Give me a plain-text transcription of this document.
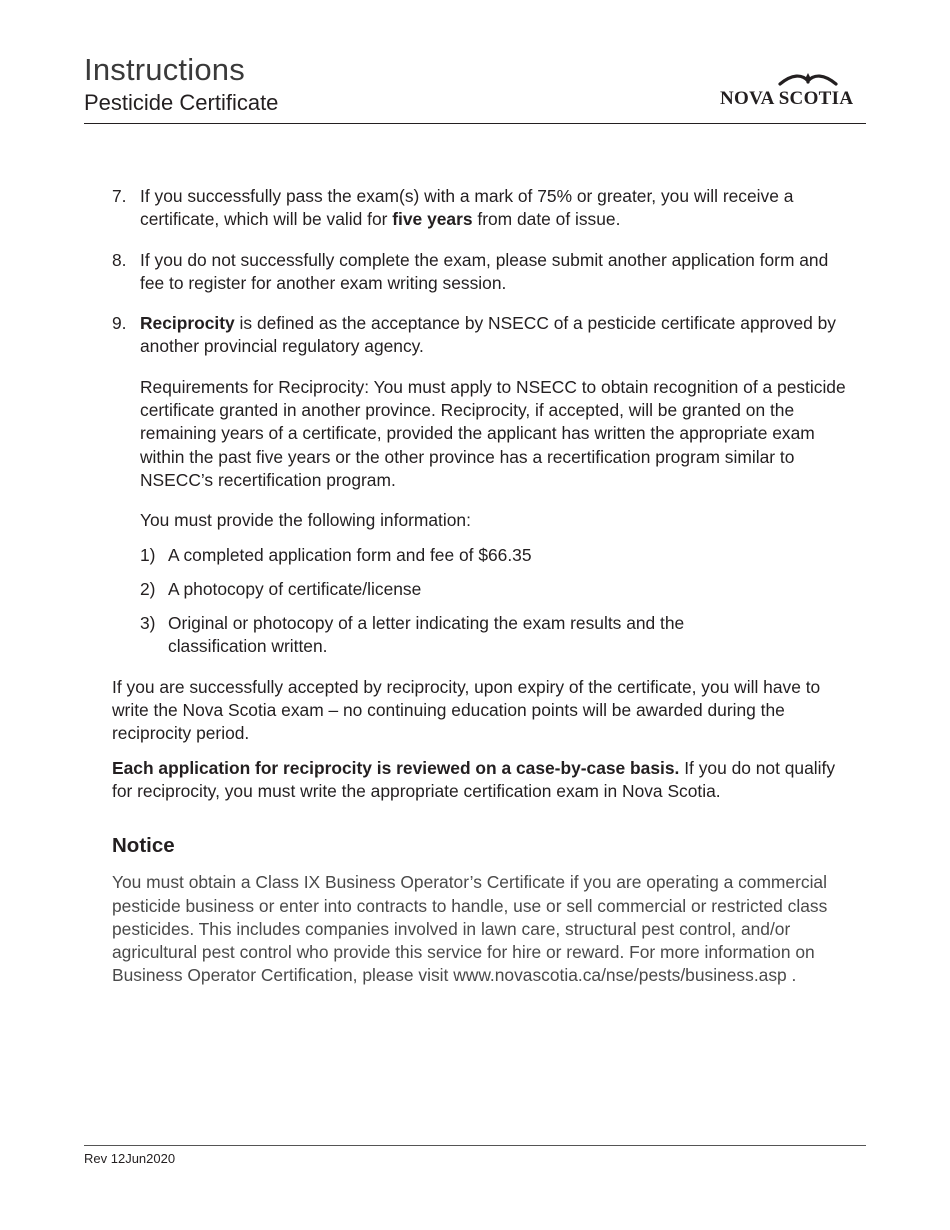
Instructions
Pesticide Certificate	NOVA SCOTIA
7. If you successfully pass the exam(s) with a mark of 75% or greater, you will receive a certificate, which will be valid for five years from date of issue.
8. If you do not successfully complete the exam, please submit another application form and fee to register for another exam writing session.
9. Reciprocity is defined as the acceptance by NSECC of a pesticide certificate approved by another provincial regulatory agency.
Requirements for Reciprocity: You must apply to NSECC to obtain recognition of a pesticide certificate granted in another province. Reciprocity, if accepted, will be granted on the remaining years of a certificate, provided the applicant has written the appropriate exam within the past five years or the other province has a recertification program similar to NSECC’s recertification program.
You must provide the following information:
1) A completed application form and fee of $66.35
2) A photocopy of certificate/license
3) Original or photocopy of a letter indicating the exam results and the classification written.
If you are successfully accepted by reciprocity, upon expiry of the certificate, you will have to write the Nova Scotia exam – no continuing education points will be awarded during the reciprocity period.
Each application for reciprocity is reviewed on a case-by-case basis. If you do not qualify for reciprocity, you must write the appropriate certification exam in Nova Scotia.
Notice
You must obtain a Class IX Business Operator’s Certificate if you are operating a commercial pesticide business or enter into contracts to handle, use or sell commercial or restricted class pesticides. This includes companies involved in lawn care, structural pest control, and/or agricultural pest control who provide this service for hire or reward. For more information on Business Operator Certification, please visit www.novascotia.ca/nse/pests/business.asp .
Rev 12Jun2020
